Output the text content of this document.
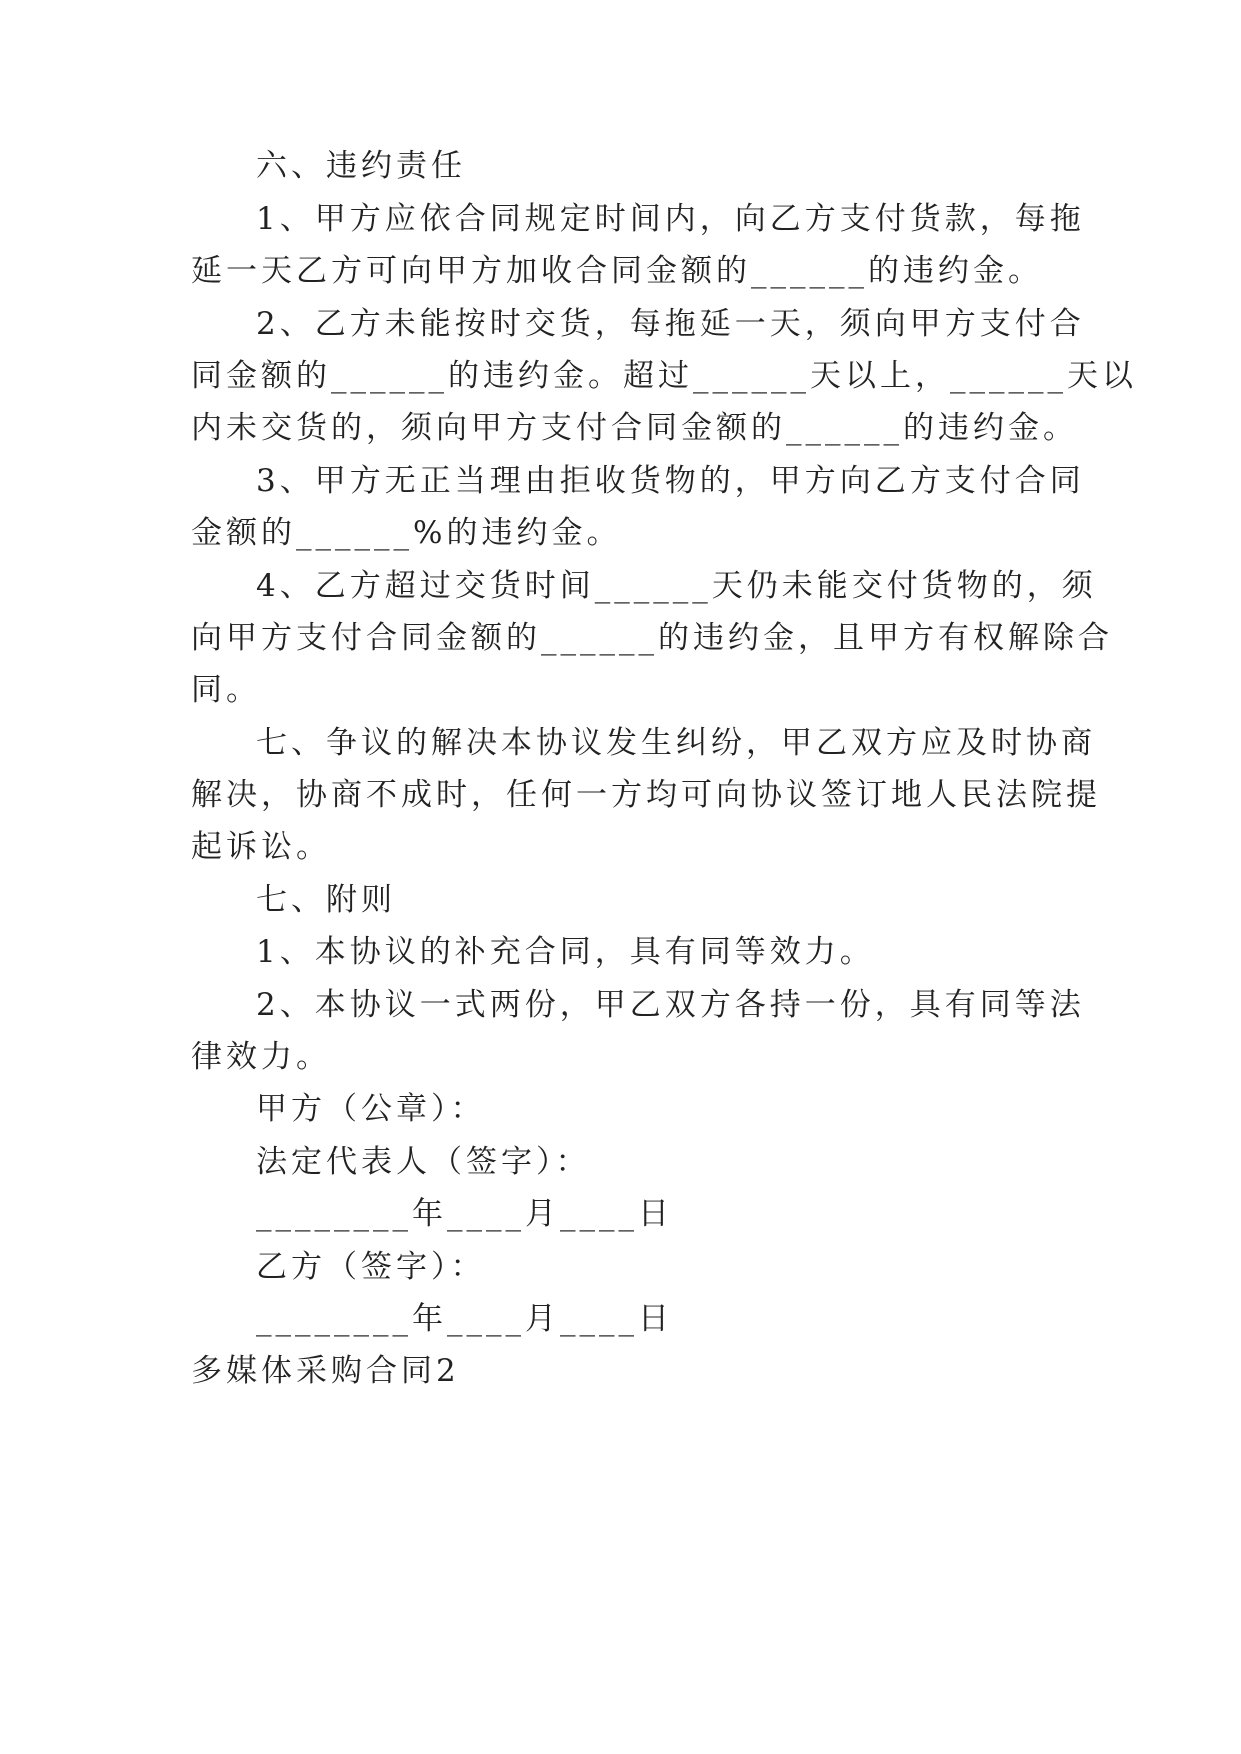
六、违约责任
1、甲方应依合同规定时间内，向乙方支付货款，每拖
延一天乙方可向甲方加收合同金额的______的违约金。
2、乙方未能按时交货，每拖延一天，须向甲方支付合
同金额的______的违约金。超过______天以上，______天以
内未交货的，须向甲方支付合同金额的______的违约金。
3、甲方无正当理由拒收货物的，甲方向乙方支付合同
金额的______%的违约金。
4、乙方超过交货时间______天仍未能交付货物的，须
向甲方支付合同金额的______的违约金，且甲方有权解除合
同。
七、争议的解决本协议发生纠纷，甲乙双方应及时协商
解决，协商不成时，任何一方均可向协议签订地人民法院提
起诉讼。
七、附则
1、本协议的补充合同，具有同等效力。
2、本协议一式两份，甲乙双方各持一份，具有同等法
律效力。
甲方（公章）：
法定代表人（签字）：
________年____月____日
乙方（签字）：
________年____月____日
多媒体采购合同2
